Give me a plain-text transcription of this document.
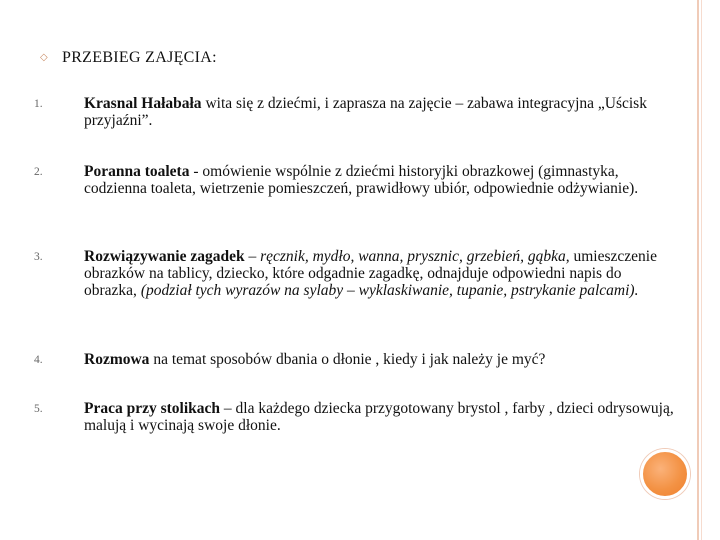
◇ PRZEBIEG ZAJĘCIA:
1.	Krasnal Hałabała wita się z dziećmi, i zaprasza na zajęcie – zabawa integracyjna „Uścisk przyjaźni”.
2.	Poranna toaleta - omówienie wspólnie z dziećmi historyjki obrazkowej (gimnastyka, codzienna toaleta, wietrzenie pomieszczeń, prawidłowy ubiór, odpowiednie odżywianie).
3.	Rozwiązywanie zagadek – ręcznik, mydło, wanna, prysznic, grzebień, gąbka, umieszczenie obrazków na tablicy, dziecko, które odgadnie zagadkę, odnajduje odpowiedni napis do obrazka, (podział tych wyrazów na sylaby – wyklaskiwanie, tupanie, pstrykanie palcami).
4.	Rozmowa na temat sposobów dbania o dłonie , kiedy i jak należy je myć?
5.	Praca przy stolikach – dla każdego dziecka przygotowany brystol , farby , dzieci odrysowują, malują i wycinają swoje dłonie.
